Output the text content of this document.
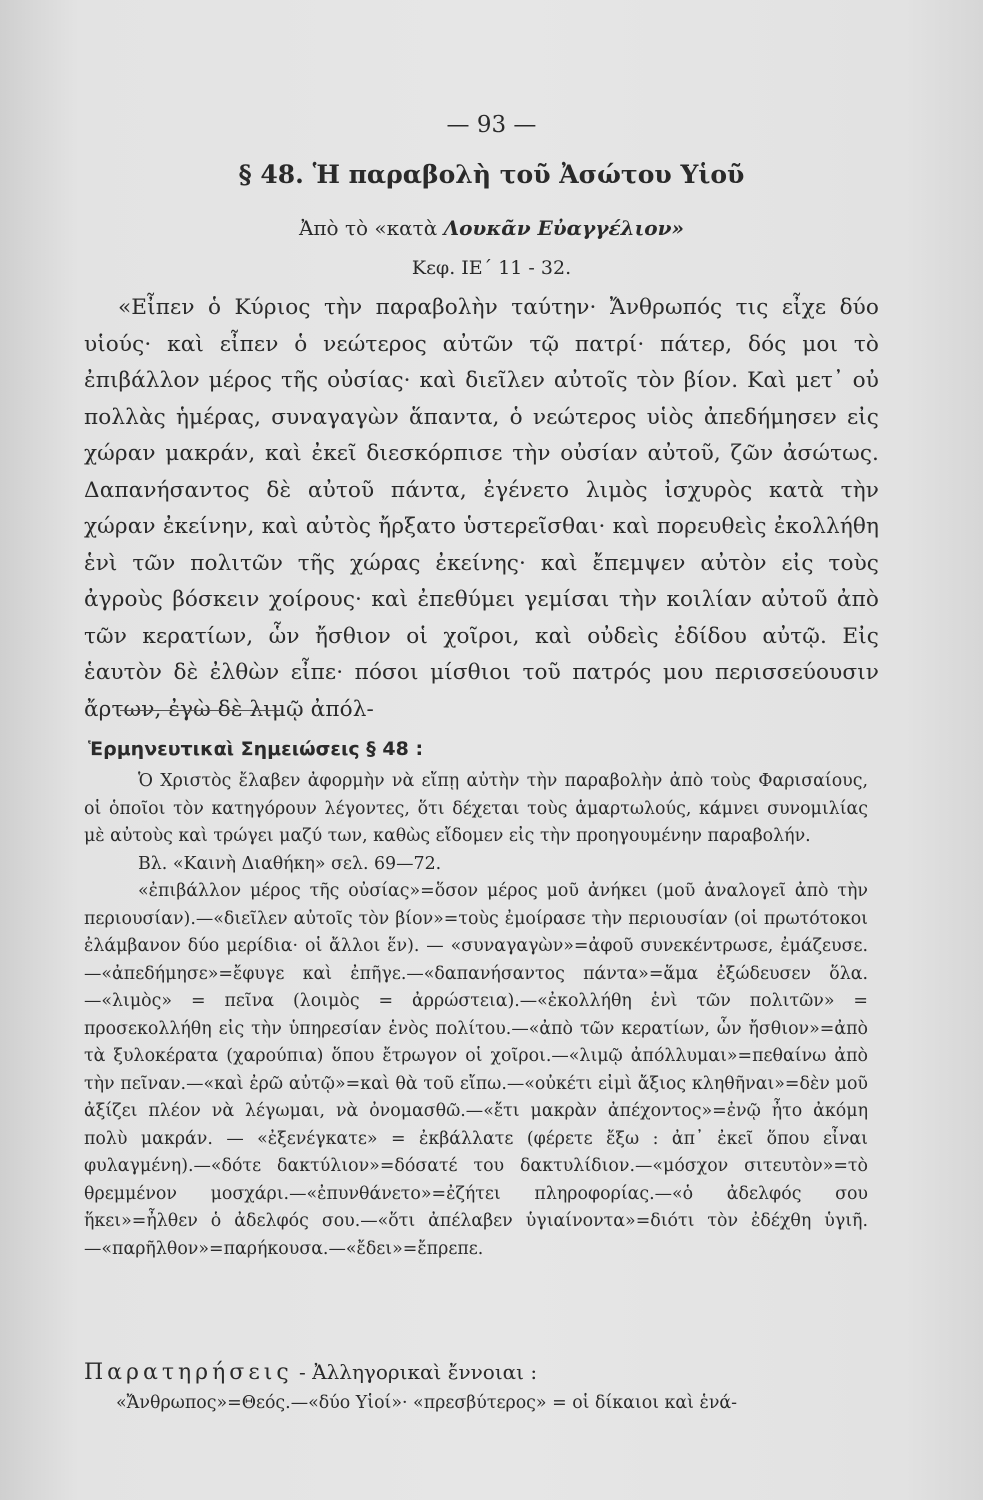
— 93 —
§ 48. Ἡ παραβολὴ τοῦ Ἀσώτου Υἱοῦ
Ἀπὸ τὸ «κατὰ Λουκᾶν Εὐαγγέλιον»
Κεφ. ΙΕ΄ 11 - 32.

«Εἶπεν ὁ Κύριος τὴν παραβολὴν ταύτην· Ἄνθρωπός τις εἶχε δύο υἱούς· καὶ εἶπεν ὁ νεώτερος αὐτῶν τῷ πατρί· πάτερ, δός μοι τὸ ἐπιβάλλον μέρος τῆς οὐσίας· καὶ διεῖλεν αὐτοῖς τὸν βίον. Καὶ μετ᾽ οὐ πολλὰς ἡμέρας, συναγαγὼν ἅπαντα, ὁ νεώτερος υἱὸς ἀπεδήμησεν εἰς χώραν μακράν, καὶ ἐκεῖ διεσκόρπισε τὴν οὐσίαν αὐτοῦ, ζῶν ἀσώτως. Δαπανήσαντος δὲ αὐτοῦ πάντα, ἐγένετο λιμὸς ἰσχυρὸς κατὰ τὴν χώραν ἐκείνην, καὶ αὐτὸς ἤρξατο ὑστερεῖσθαι· καὶ πορευθεὶς ἐκολλήθη ἑνὶ τῶν πολιτῶν τῆς χώρας ἐκείνης· καὶ ἔπεμψεν αὐτὸν εἰς τοὺς ἀγροὺς βόσκειν χοίρους· καὶ ἐπεθύμει γεμίσαι τὴν κοιλίαν αὐτοῦ ἀπὸ τῶν κερατίων, ὧν ἤσθιον οἱ χοῖροι, καὶ οὐδεὶς ἐδίδου αὐτῷ. Εἰς ἑαυτὸν δὲ ἐλθὼν εἶπε· πόσοι μίσθιοι τοῦ πατρός μου περισσεύουσιν ἄρτων, ἐγὼ δὲ λιμῷ ἀπόλ-

Ἑρμηνευτικαὶ Σημειώσεις § 48 :

Ὁ Χριστὸς ἔλαβεν ἀφορμὴν νὰ εἴπῃ αὐτὴν τὴν παραβολὴν ἀπὸ τοὺς Φαρισαίους, οἱ ὁποῖοι τὸν κατηγόρουν λέγοντες, ὅτι δέχεται τοὺς ἁμαρτωλούς, κάμνει συνομιλίας μὲ αὐτοὺς καὶ τρώγει μαζύ των, καθὼς εἴδομεν εἰς τὴν προηγουμένην παραβολήν.

Βλ. «Καινὴ Διαθήκη» σελ. 69—72.

«ἐπιβάλλον μέρος τῆς οὐσίας»=ὅσον μέρος μοῦ ἀνήκει (μοῦ ἀναλογεῖ ἀπὸ τὴν περιουσίαν).—«διεῖλεν αὐτοῖς τὸν βίον»=τοὺς ἐμοίρασε τὴν περιουσίαν (οἱ πρωτότοκοι ἐλάμβανον δύο μερίδια· οἱ ἄλλοι ἕν). — «συναγαγὼν»=ἀφοῦ συνεκέντρωσε, ἐμάζευσε.—«ἀπεδήμησε»=ἔφυγε καὶ ἐπῆγε.—«δαπανήσαντος πάντα»=ἅμα ἐξώδευσεν ὅλα.—«λιμὸς» = πεῖνα (λοιμὸς = ἀρρώστεια).—«ἐκολλήθη ἑνὶ τῶν πολιτῶν» = προσεκολλήθη εἰς τὴν ὑπηρεσίαν ἑνὸς πολίτου.—«ἀπὸ τῶν κερατίων, ὧν ἤσθιον»=ἀπὸ τὰ ξυλοκέρατα (χαρούπια) ὅπου ἔτρωγον οἱ χοῖροι.—«λιμῷ ἀπόλλυμαι»=πεθαίνω ἀπὸ τὴν πεῖναν.—«καὶ ἐρῶ αὐτῷ»=καὶ θὰ τοῦ εἴπω.—«οὐκέτι εἰμὶ ἄξιος κληθῆναι»=δὲν μοῦ ἀξίζει πλέον νὰ λέγωμαι, νὰ ὀνομασθῶ.—«ἔτι μακρὰν ἀπέχοντος»=ἐνῷ ἦτο ἀκόμη πολὺ μακράν. — «ἐξενέγκατε» = ἐκβάλλατε (φέρετε ἔξω : ἀπ᾽ ἐκεῖ ὅπου εἶναι φυλαγμένη).—«δότε δακτύλιον»=δόσατέ του δακτυλίδιον.—«μόσχον σιτευτὸν»=τὸ θρεμμένον μοσχάρι.—«ἐπυνθάνετο»=ἐζήτει πληροφορίας.—«ὁ ἀδελφός σου ἥκει»=ἦλθεν ὁ ἀδελφός σου.—«ὅτι ἀπέλαβεν ὑγιαίνοντα»=διότι τὸν ἐδέχθη ὑγιῆ.—«παρῆλθον»=παρήκουσα.—«ἔδει»=ἔπρεπε.

Παρατηρήσεις - Ἀλληγορικαὶ ἔννοιαι :
«Ἄνθρωπος»=Θεός.—«δύο Υἱοί»· «πρεσβύτερος» = οἱ δίκαιοι καὶ ἑνά-
